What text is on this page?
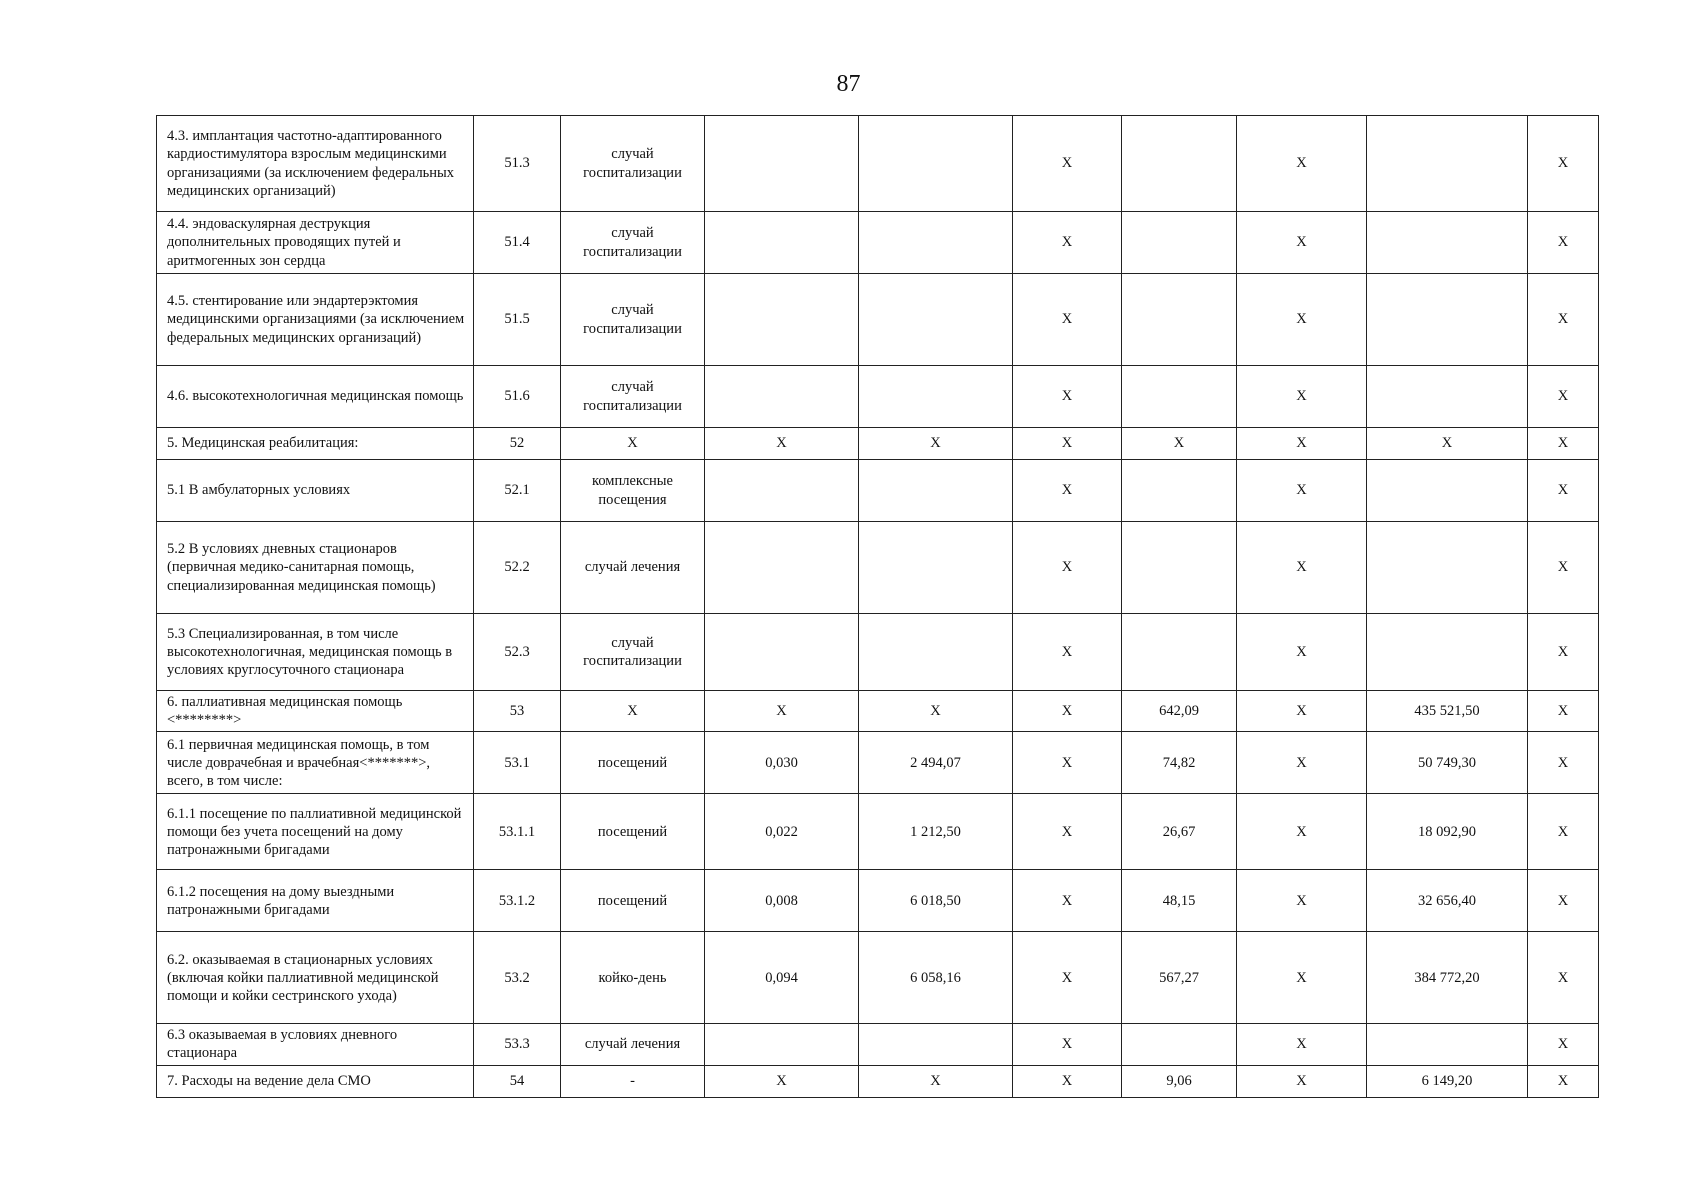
87
4.3. имплантация частотно-адаптированного кардиостимулятора взрослым медицинскими организациями (за исключением федеральных медицинских организаций)	51.3	случай госпитализации			X		X		X
4.4. эндоваскулярная деструкция дополнительных проводящих путей и аритмогенных зон сердца	51.4	случай госпитализации			X		X		X
4.5. стентирование или эндартерэктомия медицинскими организациями (за исключением федеральных медицинских организаций)	51.5	случай госпитализации			X		X		X
4.6. высокотехнологичная медицинская помощь	51.6	случай госпитализации			X		X		X
5. Медицинская реабилитация:	52	X	X	X	X	X	X	X	X
5.1 В амбулаторных условиях	52.1	комплексные посещения			X		X		X
5.2 В условиях дневных стационаров (первичная медико-санитарная помощь, специализированная медицинская помощь)	52.2	случай лечения			X		X		X
5.3 Специализированная, в том числе высокотехнологичная, медицинская помощь в условиях круглосуточного стационара	52.3	случай госпитализации			X		X		X
6. паллиативная медицинская помощь <********>	53	X	X	X	X	642,09	X	435 521,50	X
6.1 первичная медицинская помощь, в том числе доврачебная и врачебная<*******>, всего, в том числе:	53.1	посещений	0,030	2 494,07	X	74,82	X	50 749,30	X
6.1.1 посещение по паллиативной медицинской помощи без учета посещений на дому патронажными бригадами	53.1.1	посещений	0,022	1 212,50	X	26,67	X	18 092,90	X
6.1.2 посещения на дому выездными патронажными бригадами	53.1.2	посещений	0,008	6 018,50	X	48,15	X	32 656,40	X
6.2. оказываемая в стационарных условиях (включая койки паллиативной медицинской помощи и койки сестринского ухода)	53.2	койко-день	0,094	6 058,16	X	567,27	X	384 772,20	X
6.3 оказываемая в условиях дневного стационара	53.3	случай лечения			X		X		X
7. Расходы на ведение дела СМО	54	-	X	X	X	9,06	X	6 149,20	X
